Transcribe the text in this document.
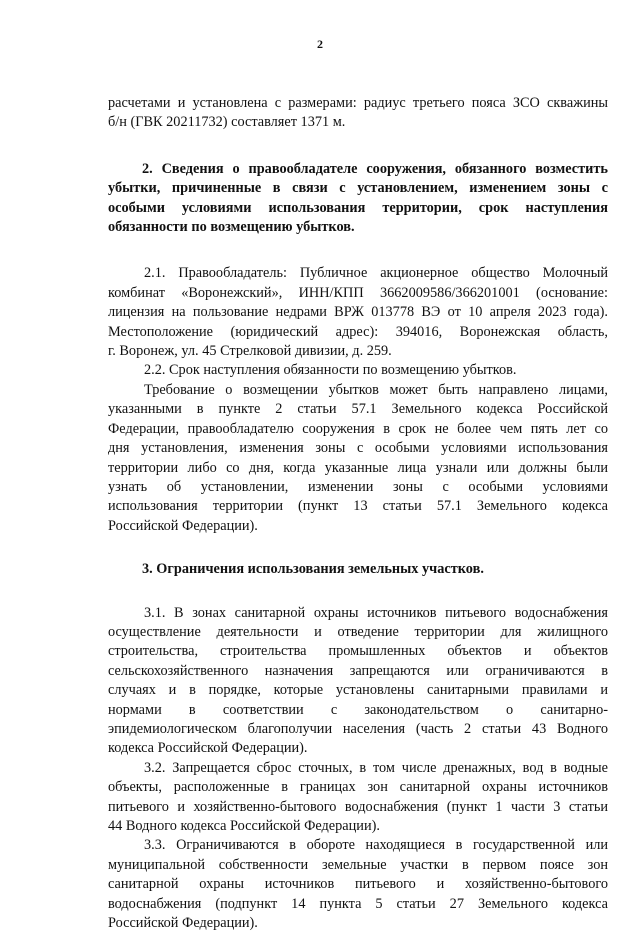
2
расчетами и установлена с размерами: радиус третьего пояса ЗСО скважины
б/н (ГВК 20211732) составляет 1371 м.
2. Сведения о правообладателе сооружения, обязанного возместить
убытки, причиненные в связи с установлением, изменением зоны с
особыми условиями использования территории, срок наступления
обязанности по возмещению убытков.
2.1. Правообладатель: Публичное акционерное общество Молочный
комбинат «Воронежский», ИНН/КПП 3662009586/366201001 (основание:
лицензия на пользование недрами ВРЖ 013778 ВЭ от 10 апреля 2023 года).
Местоположение (юридический адрес): 394016, Воронежская область,
г. Воронеж, ул. 45 Стрелковой дивизии, д. 259.
2.2. Срок наступления обязанности по возмещению убытков.
Требование о возмещении убытков может быть направлено лицами,
указанными в пункте 2 статьи 57.1 Земельного кодекса Российской
Федерации, правообладателю сооружения в срок не более чем пять лет со
дня установления, изменения зоны с особыми условиями использования
территории либо со дня, когда указанные лица узнали или должны были
узнать об установлении, изменении зоны с особыми условиями
использования территории (пункт 13 статьи 57.1 Земельного кодекса
Российской Федерации).
3. Ограничения использования земельных участков.
3.1. В зонах санитарной охраны источников питьевого водоснабжения
осуществление деятельности и отведение территории для жилищного
строительства, строительства промышленных объектов и объектов
сельскохозяйственного назначения запрещаются или ограничиваются в
случаях и в порядке, которые установлены санитарными правилами и
нормами в соответствии с законодательством о санитарно-
эпидемиологическом благополучии населения (часть 2 статьи 43 Водного
кодекса Российской Федерации).
3.2. Запрещается сброс сточных, в том числе дренажных, вод в водные
объекты, расположенные в границах зон санитарной охраны источников
питьевого и хозяйственно-бытового водоснабжения (пункт 1 части 3 статьи
44 Водного кодекса Российской Федерации).
3.3. Ограничиваются в обороте находящиеся в государственной или
муниципальной собственности земельные участки в первом поясе зон
санитарной охраны источников питьевого и хозяйственно-бытового
водоснабжения (подпункт 14 пункта 5 статьи 27 Земельного кодекса
Российской Федерации).
